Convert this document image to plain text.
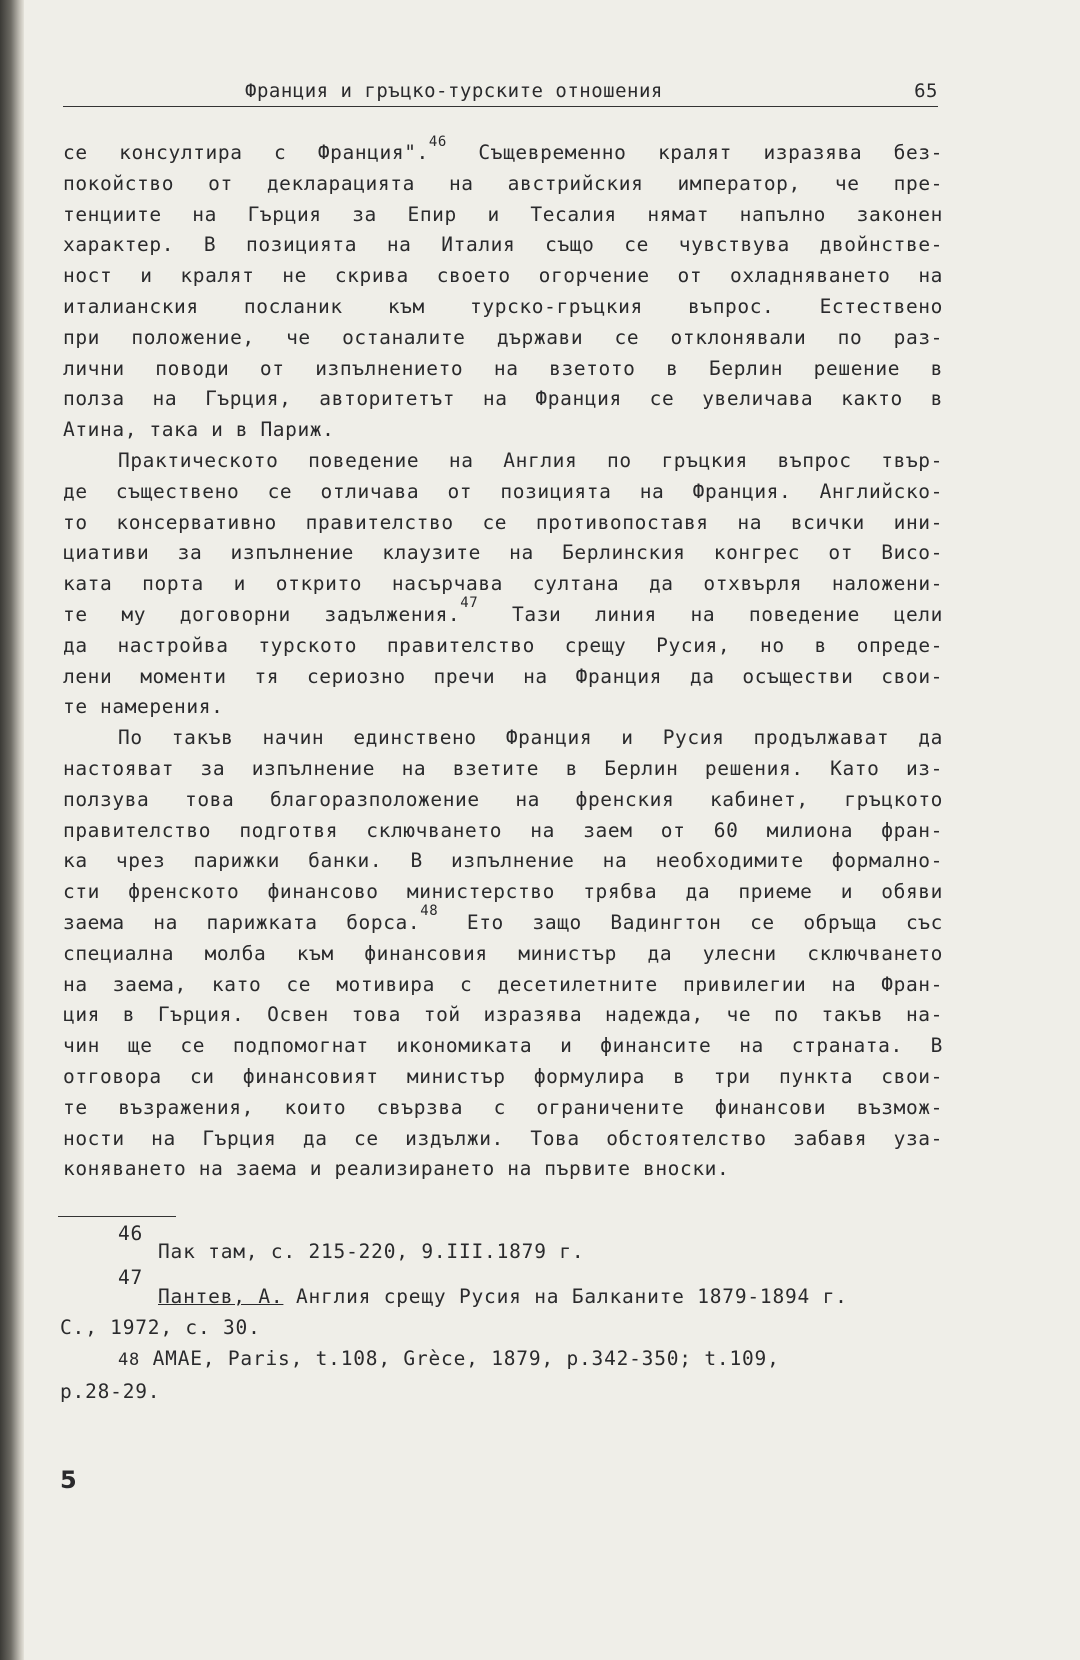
Франция и гръцко-турските отношения	65
се консултира с Франция".$^{46}$ Същевременно кралят изразява без-
покойство от декларацията на австрийския император, че пре-
тенциите на Гърция за Епир и Тесалия нямат напълно законен
характер. В позицията на Италия също се чувствува двойнстве-
ност и кралят не скрива своето огорчение от охладняването на
италианския посланик към турско-гръцкия въпрос. Естествено
при положение, че останалите държави се отклонявали по раз-
лични поводи от изпълнението на взетото в Берлин решение в
полза на Гърция, авторитетът на Франция се увеличава както в
Атина, така и в Париж.
Практическото поведение на Англия по гръцкия въпрос твър-
де съществено се отличава от позицията на Франция. Английско-
то консервативно правителство се противопоставя на всички ини-
циативи за изпълнение клаузите на Берлинския конгрес от Висо-
ката порта и открито насърчава султана да отхвърля наложени-
те му договорни задължения.$^{47}$ Тази линия на поведение цели
да настройва турското правителство срещу Русия, но в опреде-
лени моменти тя сериозно пречи на Франция да осъществи свои-
те намерения.
По такъв начин единствено Франция и Русия продължават да
настояват за изпълнение на взетите в Берлин решения. Като из-
ползува това благоразположение на френския кабинет, гръцкото
правителство подготвя сключването на заем от 60 милиона фран-
ка чрез парижки банки. В изпълнение на необходимите формално-
сти френското финансово министерство трябва да приеме и обяви
заема на парижката борса.$^{48}$ Ето защо Вадингтон се обръща със
специална молба към финансовия министър да улесни сключването
на заема, като се мотивира с десетилетните привилегии на Фран-
ция в Гърция. Освен това той изразява надежда, че по такъв на-
чин ще се подпомогнат икономиката и финансите на страната. В
отговора си финансовият министър формулира в три пункта свои-
те възражения, които свързва с ограничените финансови възмож-
ности на Гърция да се издължи. Това обстоятелство забавя уза-
коняването на заема и реализирането на първите вноски.
46
Пак там, с. 215-220, 9.III.1879 г.
47
Пантев, А. Англия срещу Русия на Балканите 1879-1894 г.
С., 1972, с. 30.
48 AMAE, Paris, t.108, Grèce, 1879, p.342-350; t.109,
p.28-29.
5
